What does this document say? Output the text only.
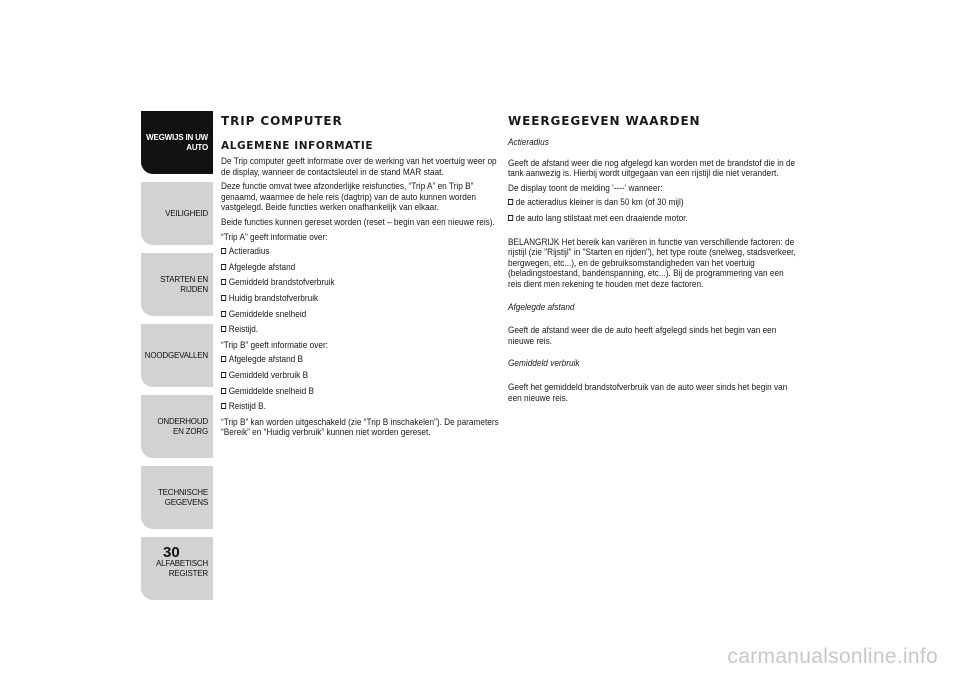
WEGWIJS IN UW AUTO
VEILIGHEID
STARTEN EN RIJDEN
NOODGEVALLEN
ONDERHOUD EN ZORG
TECHNISCHE GEGEVENS
ALFABETISCH REGISTER
30
TRIP COMPUTER
ALGEMENE INFORMATIE
De Trip computer geeft informatie over de werking van het voertuig weer op de display, wanneer de contactsleutel in de stand MAR staat.
Deze functie omvat twee afzonderlijke reisfuncties, “Trip A” en Trip B” genaamd, waarmee de hele reis (dagtrip) van de auto kunnen worden vastgelegd. Beide functies werken onafhankelijk van elkaar.
Beide functies kunnen gereset worden (reset – begin van een nieuwe reis).
“Trip A” geeft informatie over:
Actieradius
Afgelegde afstand
Gemiddeld brandstofverbruik
Huidig brandstofverbruik
Gemiddelde snelheid
Reistijd.
“Trip B” geeft informatie over:
Afgelegde afstand B
Gemiddeld verbruik B
Gemiddelde snelheid B
Reistijd B.
“Trip B” kan worden uitgeschakeld (zie “Trip B inschakelen”). De parameters “Bereik” en “Huidig verbruik” kunnen niet worden gereset.
WEERGEGEVEN WAARDEN
Actieradius
Geeft de afstand weer die nog afgelegd kan worden met de brandstof die in de tank aanwezig is. Hierbij wordt uitgegaan van een rijstijl die niet verandert.
De display toont de melding '----' wanneer:
de actieradius kleiner is dan 50 km (of 30 mijl)
de auto lang stilstaat met een draaiende motor.
BELANGRIJK Het bereik kan variëren in functie van verschillende factoren: de rijstijl (zie "Rijstijl" in "Starten en rijden"), het type route (snelweg, stadsverkeer, bergwegen, etc...), en de gebruiksomstandigheden van het voertuig (beladingstoestand, bandenspanning, etc...). Bij de programmering van een reis dient men rekening te houden met deze factoren.
Afgelegde afstand
Geeft de afstand weer die de auto heeft afgelegd sinds het begin van een nieuwe reis.
Gemiddeld verbruik
Geeft het gemiddeld brandstofverbruik van de auto weer sinds het begin van een nieuwe reis.
carmanualsonline.info
